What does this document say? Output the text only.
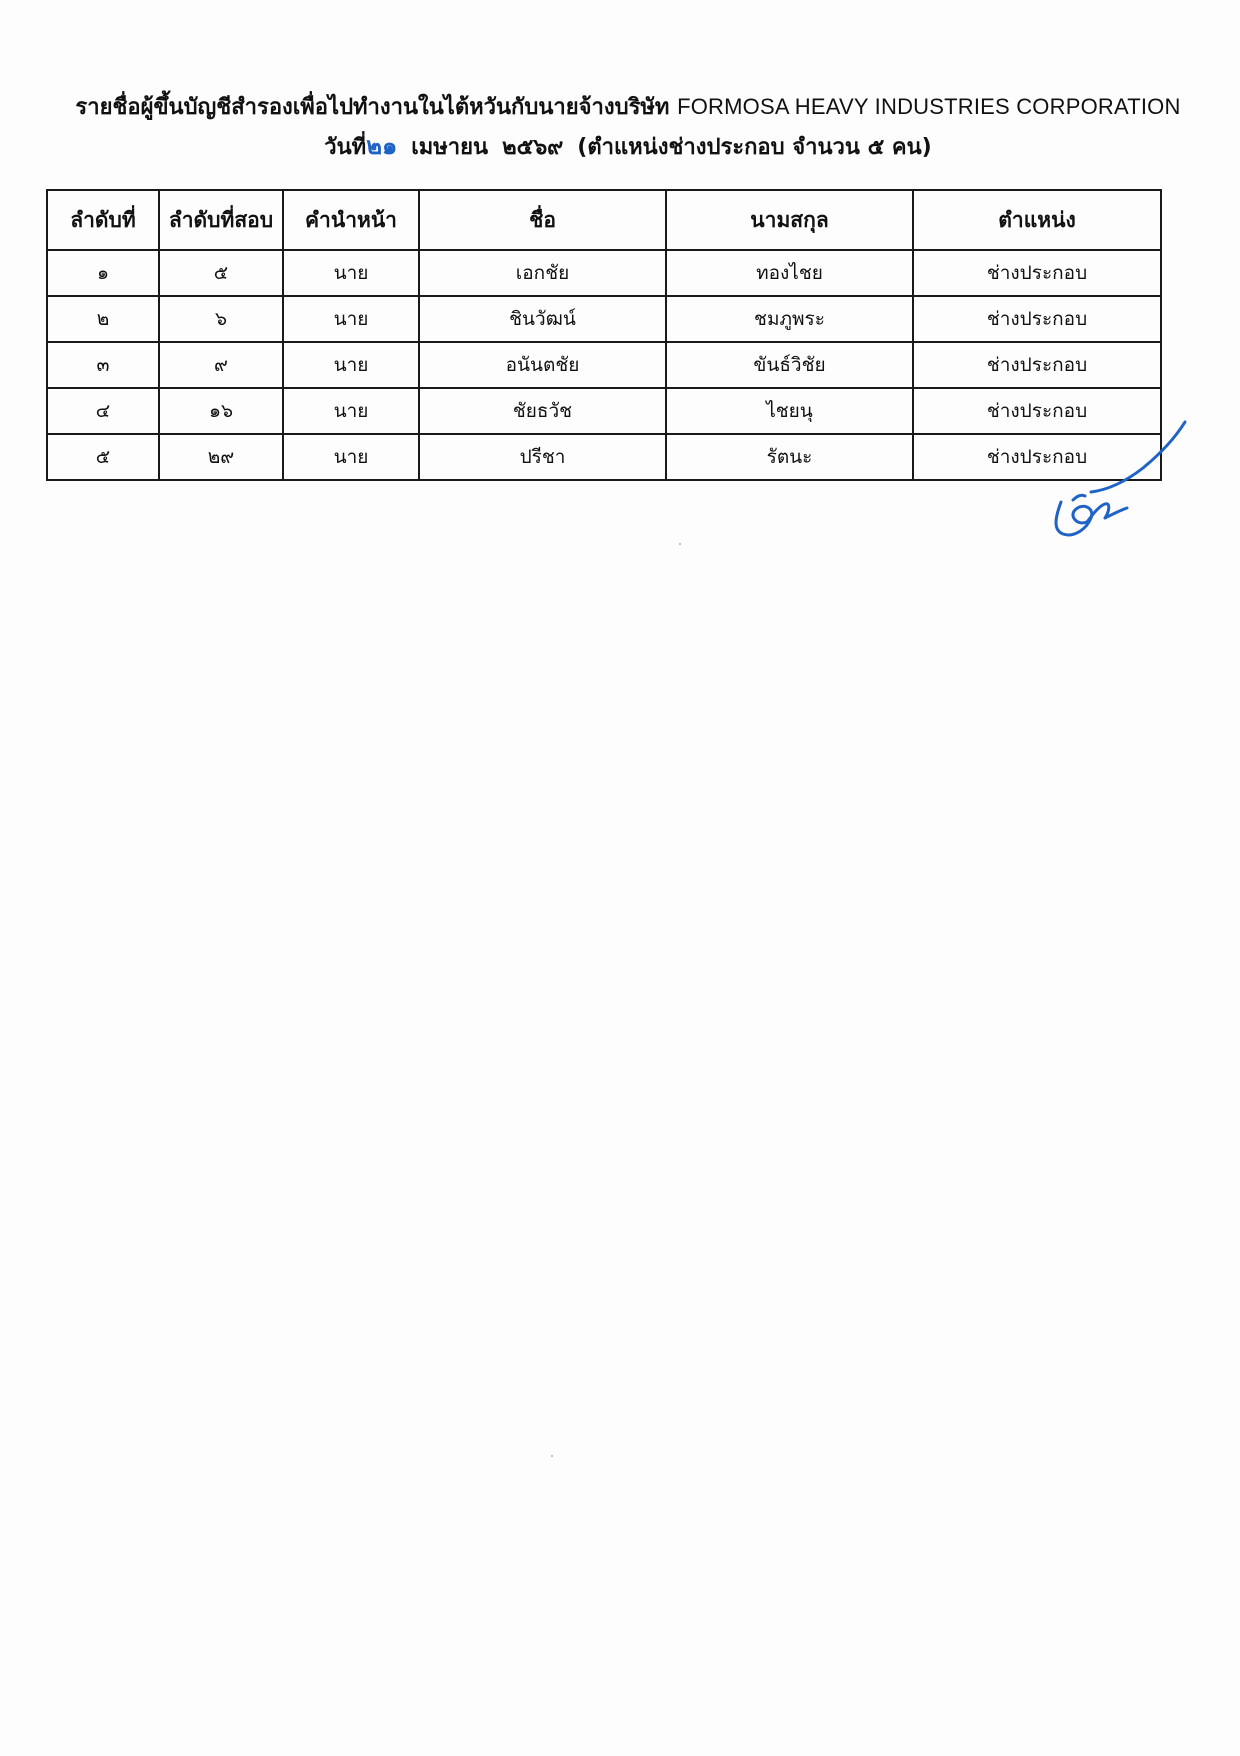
รายชื่อผู้ขึ้นบัญชีสำรองเพื่อไปทำงานในไต้หวันกับนายจ้างบริษัท FORMOSA HEAVY INDUSTRIES CORPORATION
วันที่๒๑ เมษายน ๒๕๖๙ (ตำแหน่งช่างประกอบ จำนวน ๕ คน)
ลำดับที่	ลำดับที่สอบ	คำนำหน้า	ชื่อ	นามสกุล	ตำแหน่ง
๑	๕	นาย	เอกชัย	ทองไชย	ช่างประกอบ
๒	๖	นาย	ชินวัฒน์	ชมภูพระ	ช่างประกอบ
๓	๙	นาย	อนันตชัย	ขันธ์วิชัย	ช่างประกอบ
๔	๑๖	นาย	ชัยธวัช	ไชยนุ	ช่างประกอบ
๕	๒๙	นาย	ปรีชา	รัตนะ	ช่างประกอบ
